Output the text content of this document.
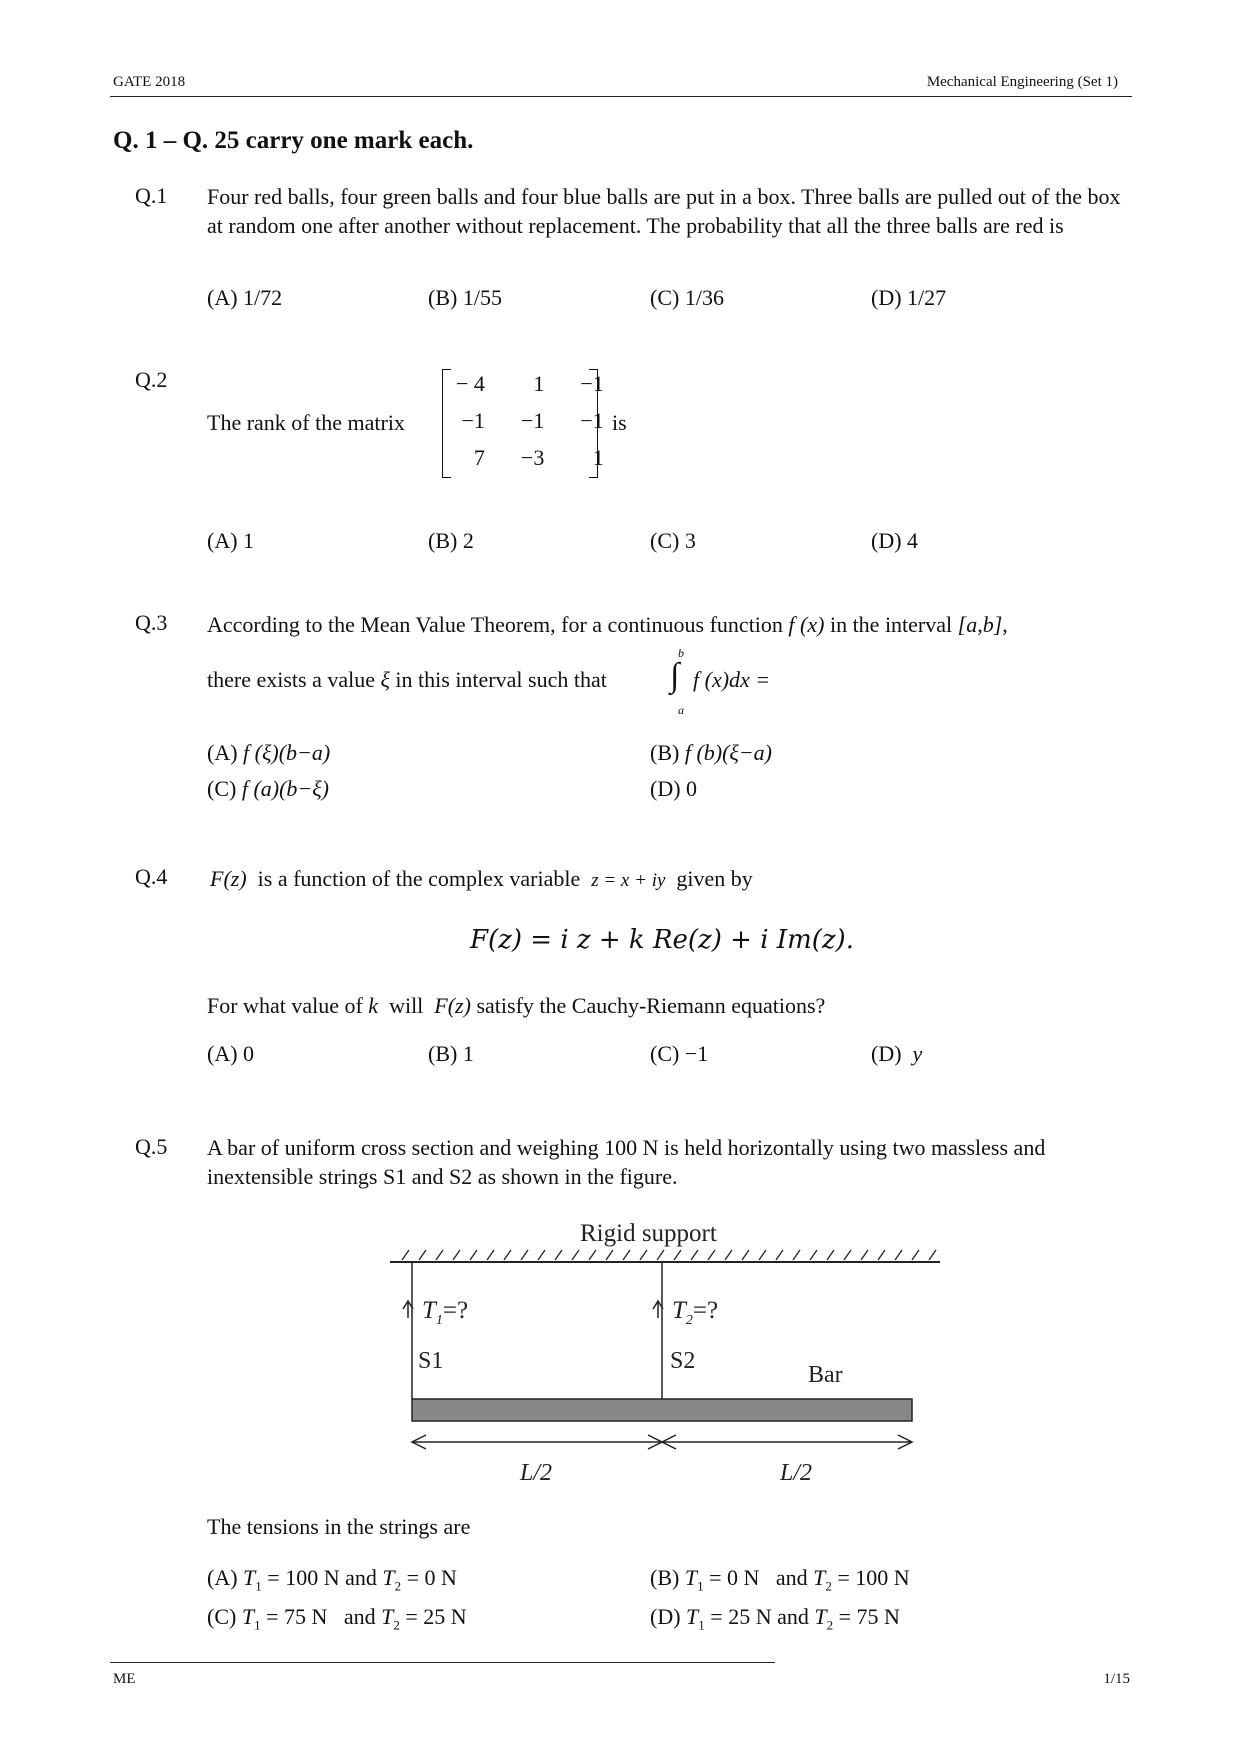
GATE 2018	Mechanical Engineering (Set 1)
Q. 1 – Q. 25 carry one mark each.
Q.1 Four red balls, four green balls and four blue balls are put in a box. Three balls are pulled out of the box at random one after another without replacement. The probability that all the three balls are red is
(A) 1/72	(B) 1/55	(C) 1/36	(D) 1/27
Q.2
The rank of the matrix
− 4	1	−1
−1	−1	−1
7	−3	1
is
(A) 1	(B) 2	(C) 3	(D) 4
Q.3 According to the Mean Value Theorem, for a continuous function f (x) in the interval [a,b],
there exists a value ξ in this interval such that
b
∫
a
f (x)dx =
(A) f (ξ)(b−a)	(B) f (b)(ξ−a)
(C) f (a)(b−ξ)	(D) 0
Q.4 F(z) is a function of the complex variable z = x + iy given by
F(z) = i z + k Re(z) + i Im(z).
For what value of k will F(z) satisfy the Cauchy-Riemann equations?
(A) 0	(B) 1	(C) −1	(D) y
Q.5 A bar of uniform cross section and weighing 100 N is held horizontally using two massless and inextensible strings S1 and S2 as shown in the figure.
Rigid support
$T_1=$?	$T_2=$?
S1	S2
Bar
L/2	L/2
The tensions in the strings are
(A) $T_1 = 100$ N and $T_2 = 0$ N	(B) $T_1 = 0$ N   and $T_2 = 100$ N
(C) $T_1 = 75$ N   and $T_2 = 25$ N	(D) $T_1 = 25$ N and $T_2 = 75$ N
ME	1/15
